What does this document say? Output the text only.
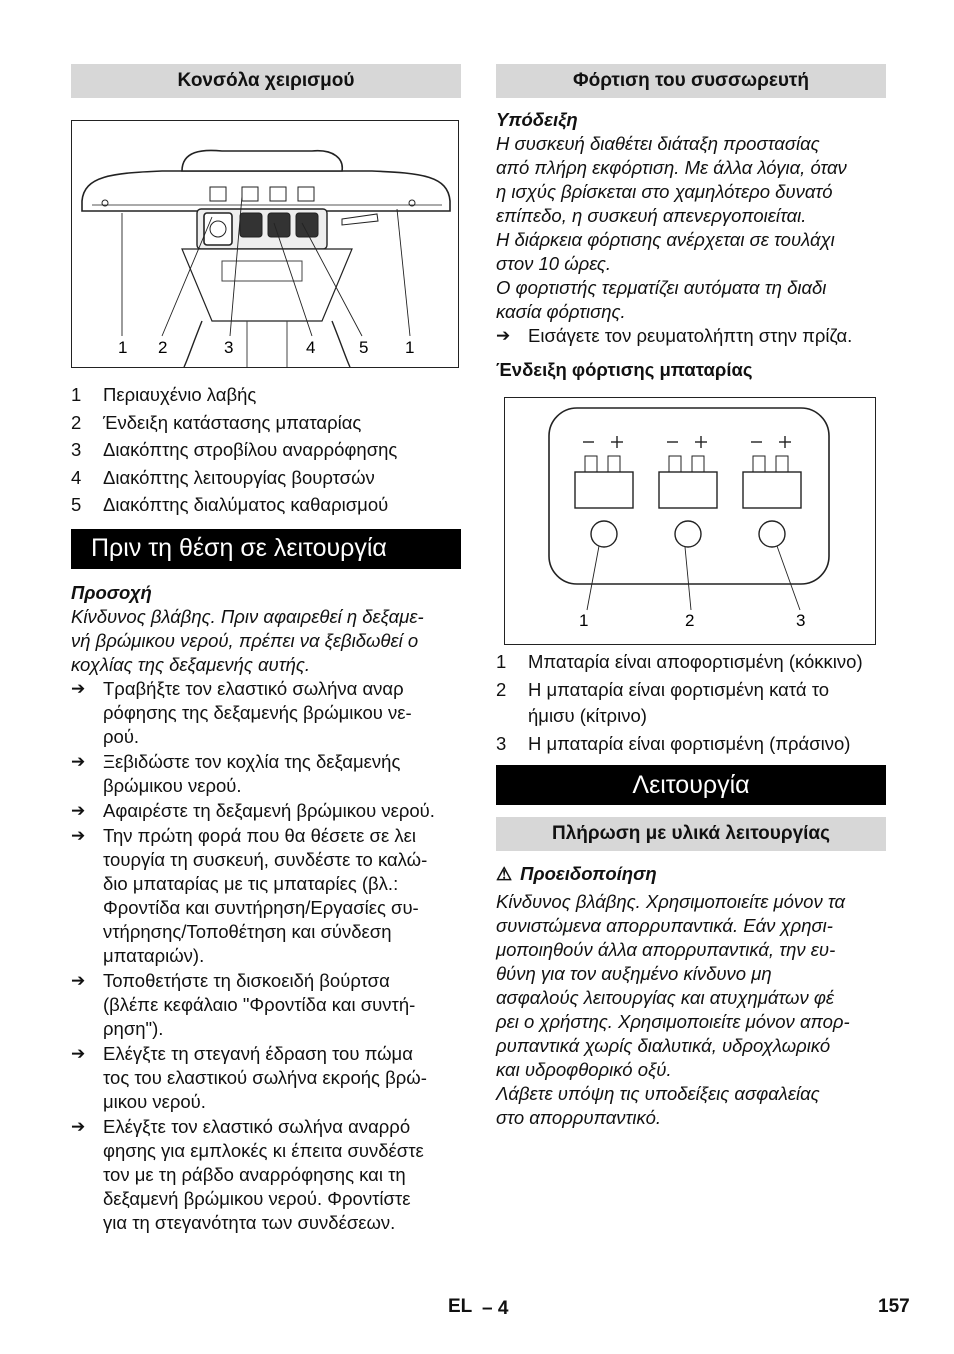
Κονσόλα χειρισμού
1 2	3	4	5 1
1	Περιαυχένιο λαβής
2	Ένδειξη κατάστασης μπαταρίας
3	Διακόπτης στροβίλου αναρρόφησης
4	Διακόπτης λειτουργίας βουρτσών
5	Διακόπτης διαλύματος καθαρισμού
Πριν τη θέση σε λειτουργία
Προσοχή
Κίνδυνος βλάβης. Πριν αφαιρεθεί η δεξαμε-
νή βρώμικου νερού, πρέπει να ξεβιδωθεί ο
κοχλίας της δεξαμενής αυτής.
➔ Τραβήξτε τον ελαστικό σωλήνα αναρ
ρόφησης της δεξαμενής βρώμικου νε-
ρού.
➔ Ξεβιδώστε τον κοχλία της δεξαμενής
βρώμικου νερού.
➔ Αφαιρέστε τη δεξαμενή βρώμικου νερού.
➔ Την πρώτη φορά που θα θέσετε σε λει
τουργία τη συσκευή, συνδέστε το καλώ-
διο μπαταρίας με τις μπαταρίες (βλ.:
Φροντίδα και συντήρηση/Εργασίες συ-
ντήρησης/Τοποθέτηση και σύνδεση
μπαταριών).
➔ Τοποθετήστε τη δισκοειδή βούρτσα
(βλέπε κεφάλαιο "Φροντίδα και συντή-
ρηση").
➔ Ελέγξτε τη στεγανή έδραση του πώμα
τος του ελαστικού σωλήνα εκροής βρώ-
μικου νερού.
➔ Ελέγξτε τον ελαστικό σωλήνα αναρρό
φησης για εμπλοκές κι έπειτα συνδέστε
τον με τη ράβδο αναρρόφησης και τη
δεξαμενή βρώμικου νερού. Φροντίστε
για τη στεγανότητα των συνδέσεων.
Φόρτιση του συσσωρευτή
Υπόδειξη
Η συσκευή διαθέτει διάταξη προστασίας
από πλήρη εκφόρτιση. Με άλλα λόγια, όταν
η ισχύς βρίσκεται στο χαμηλότερο δυνατό
επίπεδο, η συσκευή απενεργοποιείται.
Η διάρκεια φόρτισης ανέρχεται σε τουλάχι
στον 10 ώρες.
Ο φορτιστής τερματίζει αυτόματα τη διαδι
κασία φόρτισης.
➔ Εισάγετε τον ρευματολήπτη στην πρίζα.
Ένδειξη φόρτισης μπαταρίας
1	2	3
1	Μπαταρία είναι αποφορτισμένη (κόκκινο)
2	Η μπαταρία είναι φορτισμένη κατά το
ήμισυ (κίτρινο)
3	Η μπαταρία είναι φορτισμένη (πράσινο)
Λειτουργία
Πλήρωση με υλικά λειτουργίας
⚠ Προειδοποίηση
Κίνδυνος βλάβης. Χρησιμοποιείτε μόνον τα
συνιστώμενα απορρυπαντικά. Εάν χρησι-
μοποιηθούν άλλα απορρυπαντικά, την ευ-
θύνη για τον αυξημένο κίνδυνο μη
ασφαλούς λειτουργίας και ατυχημάτων φέ
ρει ο χρήστης. Χρησιμοποιείτε μόνον απορ-
ρυπαντικά χωρίς διαλυτικά, υδροχλωρικό
και υδροφθορικό οξύ.
Λάβετε υπόψη τις υποδείξεις ασφαλείας
στο απορρυπαντικό.
EL – 4	157
